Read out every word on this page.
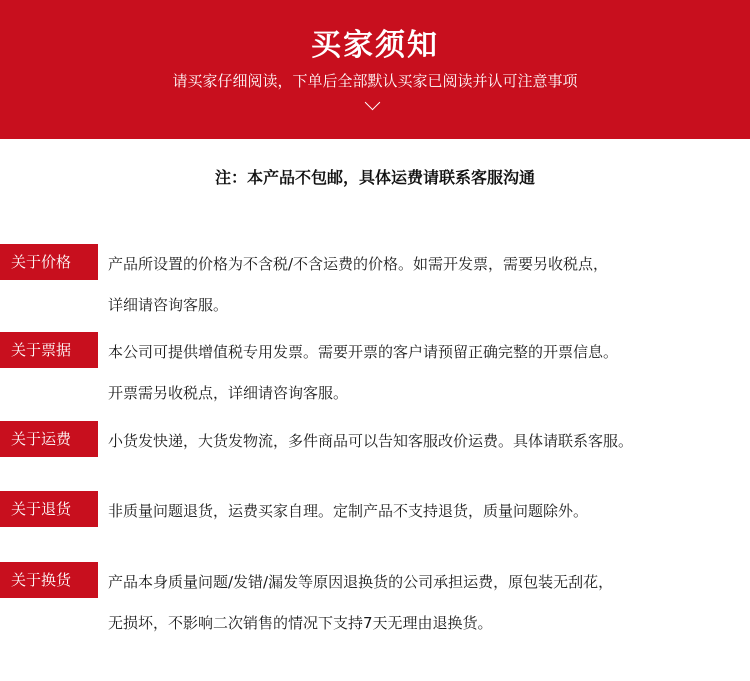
买家须知
请买家仔细阅读，下单后全部默认买家已阅读并认可注意事项
注：本产品不包邮，具体运费请联系客服沟通
关于价格	产品所设置的价格为不含税/不含运费的价格。如需开发票，需要另收税点，
详细请咨询客服。
关于票据	本公司可提供增值税专用发票。需要开票的客户请预留正确完整的开票信息。
开票需另收税点，详细请咨询客服。
关于运费	小货发快递，大货发物流，多件商品可以告知客服改价运费。具体请联系客服。
关于退货	非质量问题退货，运费买家自理。定制产品不支持退货，质量问题除外。
关于换货	产品本身质量问题/发错/漏发等原因退换货的公司承担运费，原包装无刮花，
无损坏，不影响二次销售的情况下支持7天无理由退换货。
